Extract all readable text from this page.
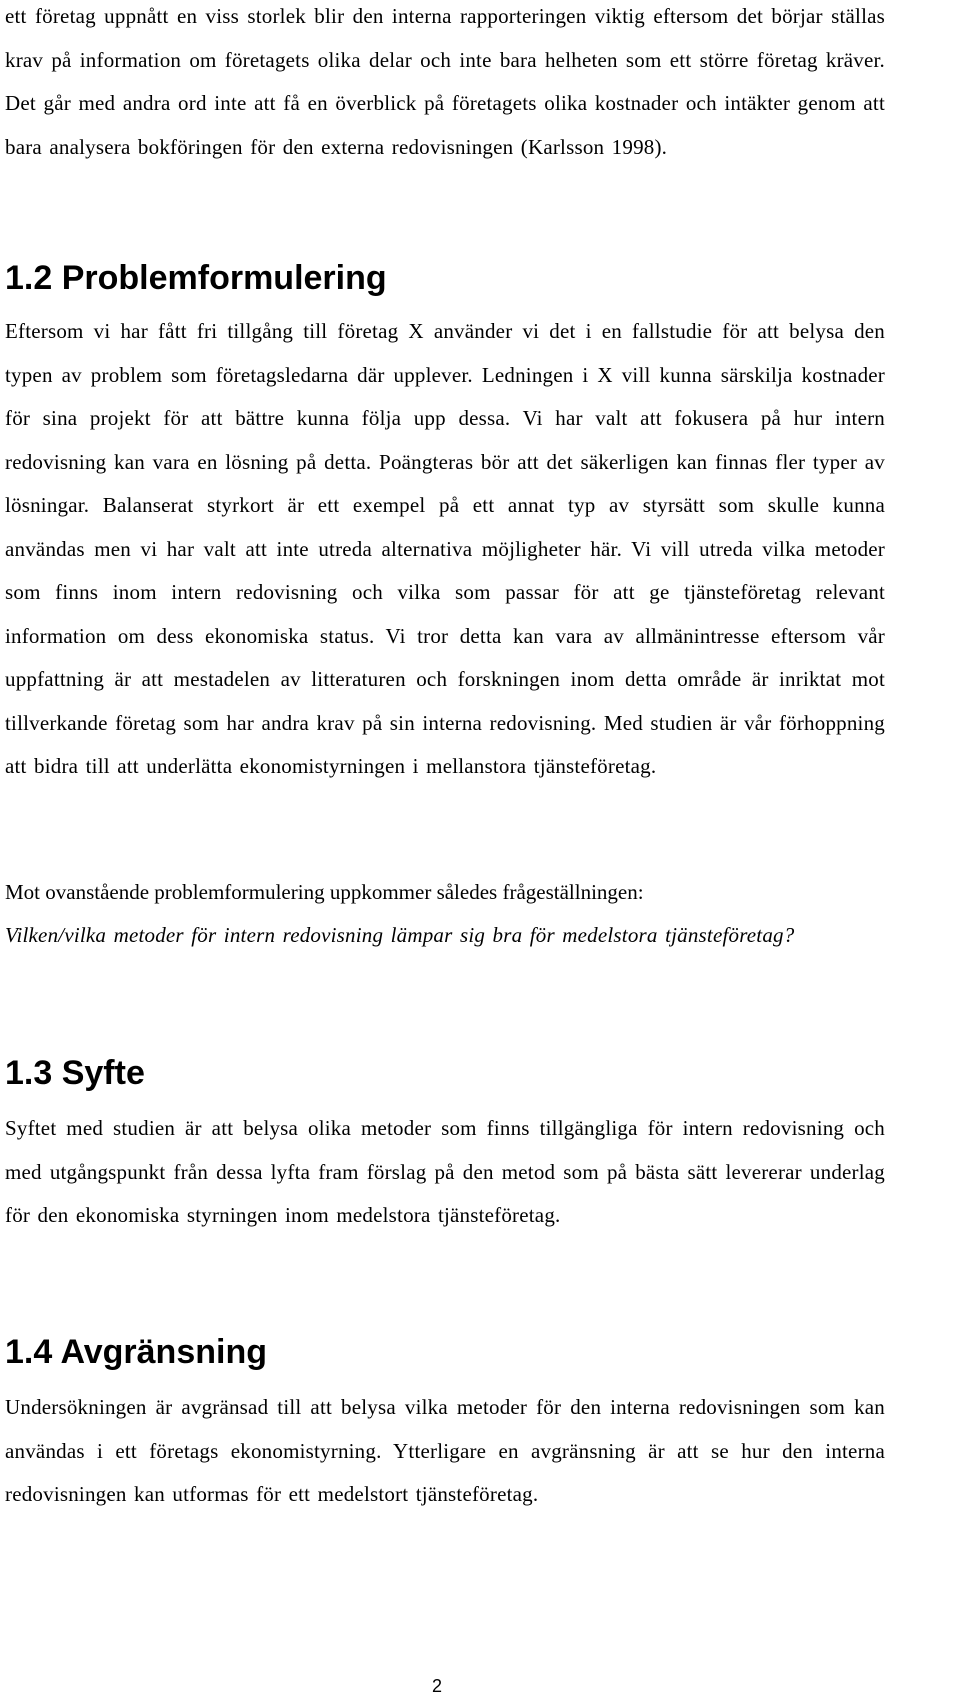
ett företag uppnått en viss storlek blir den interna rapporteringen viktig eftersom det börjar ställas krav på information om företagets olika delar och inte bara helheten som ett större företag kräver. Det går med andra ord inte att få en överblick på företagets olika kostnader och intäkter genom att bara analysera bokföringen för den externa redovisningen (Karlsson 1998).

1.2 Problemformulering

Eftersom vi har fått fri tillgång till företag X använder vi det i en fallstudie för att belysa den typen av problem som företagsledarna där upplever. Ledningen i X vill kunna särskilja kostnader för sina projekt för att bättre kunna följa upp dessa. Vi har valt att fokusera på hur intern redovisning kan vara en lösning på detta. Poängteras bör att det säkerligen kan finnas fler typer av lösningar. Balanserat styrkort är ett exempel på ett annat typ av styrsätt som skulle kunna användas men vi har valt att inte utreda alternativa möjligheter här. Vi vill utreda vilka metoder som finns inom intern redovisning och vilka som passar för att ge tjänsteföretag relevant information om dess ekonomiska status. Vi tror detta kan vara av allmänintresse eftersom vår uppfattning är att mestadelen av litteraturen och forskningen inom detta område är inriktat mot tillverkande företag som har andra krav på sin interna redovisning. Med studien är vår förhoppning att bidra till att underlätta ekonomistyrningen i mellanstora tjänsteföretag.

Mot ovanstående problemformulering uppkommer således frågeställningen:

Vilken/vilka metoder för intern redovisning lämpar sig bra för medelstora tjänsteföretag?

1.3 Syfte

Syftet med studien är att belysa olika metoder som finns tillgängliga för intern redovisning och med utgångspunkt från dessa lyfta fram förslag på den metod som på bästa sätt levererar underlag för den ekonomiska styrningen inom medelstora tjänsteföretag.

1.4 Avgränsning

Undersökningen är avgränsad till att belysa vilka metoder för den interna redovisningen som kan användas i ett företags ekonomistyrning. Ytterligare en avgränsning är att se hur den interna redovisningen kan utformas för ett medelstort tjänsteföretag.

2
